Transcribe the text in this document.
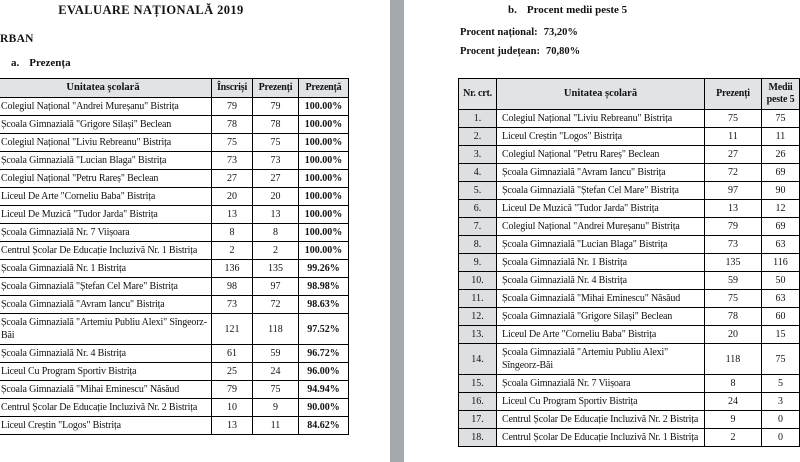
EVALUARE NAȚIONALĂ 2019
RBAN
a. Prezența
Unitatea școlară	Înscriși	Prezenți	Prezență
Colegiul Național "Andrei Mureșanu" Bistrița	79	79	100.00%
Școala Gimnazială "Grigore Silași" Beclean	78	78	100.00%
Colegiul Național "Liviu Rebreanu" Bistrița	75	75	100.00%
Școala Gimnazială "Lucian Blaga" Bistrița	73	73	100.00%
Colegiul Național "Petru Rareș" Beclean	27	27	100.00%
Liceul De Arte "Corneliu Baba" Bistrița	20	20	100.00%
Liceul De Muzică "Tudor Jarda" Bistrița	13	13	100.00%
Școala Gimnazială Nr. 7 Viișoara	8	8	100.00%
Centrul Școlar De Educație Incluzivă Nr. 1 Bistrița	2	2	100.00%
Școala Gimnazială Nr. 1 Bistrița	136	135	99.26%
Școala Gimnazială "Ștefan Cel Mare" Bistrița	98	97	98.98%
Școala Gimnazială "Avram Iancu" Bistrița	73	72	98.63%
Școala Gimnazială "Artemiu Publiu Alexi" Sîngeorz-Băi	121	118	97.52%
Școala Gimnazială Nr. 4 Bistrița	61	59	96.72%
Liceul Cu Program Sportiv Bistrița	25	24	96.00%
Școala Gimnazială "Mihai Eminescu" Năsăud	79	75	94.94%
Centrul Școlar De Educație Incluzivă Nr. 2 Bistrița	10	9	90.00%
Liceul Creștin "Logos" Bistrița	13	11	84.62%
b. Procent medii peste 5
Procent național: 73,20%
Procent județean: 70,80%
Nr. crt.	Unitatea școlară	Prezenți	Medii peste 5
1.	Colegiul Național "Liviu Rebreanu" Bistrița	75	75
2.	Liceul Creștin "Logos" Bistrița	11	11
3.	Colegiul Național "Petru Rareș" Beclean	27	26
4.	Școala Gimnazială "Avram Iancu" Bistrița	72	69
5.	Școala Gimnazială "Ștefan Cel Mare" Bistrița	97	90
6.	Liceul De Muzică "Tudor Jarda" Bistrița	13	12
7.	Colegiul Național "Andrei Mureșanu" Bistrița	79	69
8.	Școala Gimnazială "Lucian Blaga" Bistrița	73	63
9.	Școala Gimnazială Nr. 1 Bistrița	135	116
10.	Școala Gimnazială Nr. 4 Bistrița	59	50
11.	Școala Gimnazială "Mihai Eminescu" Năsăud	75	63
12.	Școala Gimnazială "Grigore Silași" Beclean	78	60
13.	Liceul De Arte "Corneliu Baba" Bistrița	20	15
14.	Școala Gimnazială "Artemiu Publiu Alexi" Sîngeorz-Băi	118	75
15.	Școala Gimnazială Nr. 7 Viișoara	8	5
16.	Liceul Cu Program Sportiv Bistrița	24	3
17.	Centrul Școlar De Educație Incluzivă Nr. 2 Bistrița	9	0
18.	Centrul Școlar De Educație Incluzivă Nr. 1 Bistrița	2	0
